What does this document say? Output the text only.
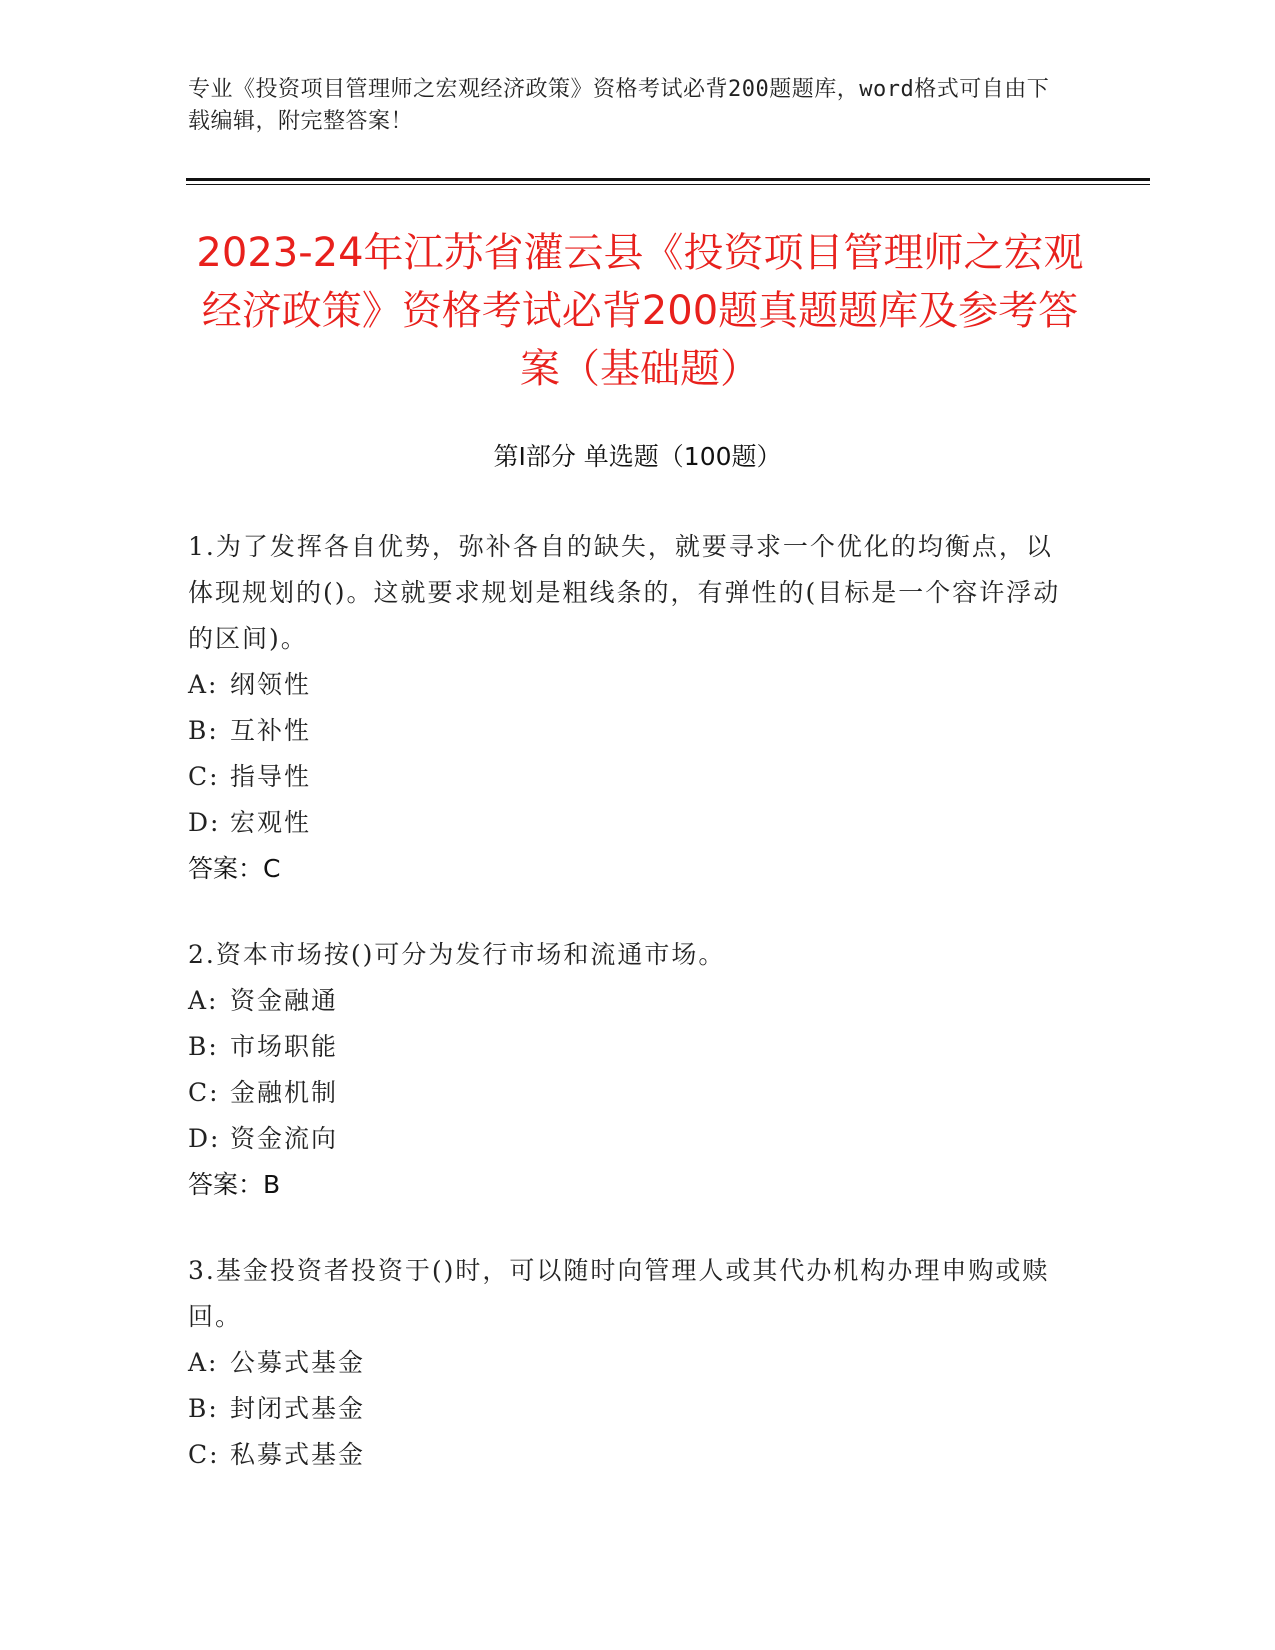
专业《投资项目管理师之宏观经济政策》资格考试必背200题题库，word格式可自由下载编辑，附完整答案！
2023-24年江苏省灌云县《投资项目管理师之宏观经济政策》资格考试必背200题真题题库及参考答案（基础题）
第Ⅰ部分 单选题（100题）
1.为了发挥各自优势，弥补各自的缺失，就要寻求一个优化的均衡点，以体现规划的()。这就要求规划是粗线条的，有弹性的(目标是一个容许浮动的区间)。
A: 纲领性
B: 互补性
C: 指导性
D: 宏观性
答案：C
2.资本市场按()可分为发行市场和流通市场。
A: 资金融通
B: 市场职能
C: 金融机制
D: 资金流向
答案：B
3.基金投资者投资于()时，可以随时向管理人或其代办机构办理申购或赎回。
A: 公募式基金
B: 封闭式基金
C: 私募式基金
